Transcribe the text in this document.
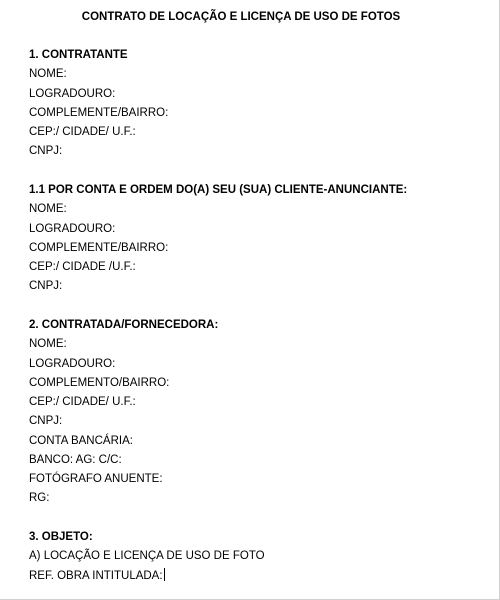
CONTRATO DE LOCAÇÃO E LICENÇA DE USO DE FOTOS
1. CONTRATANTE
NOME:
LOGRADOURO:
COMPLEMENTE/BAIRRO:
CEP:/ CIDADE/ U.F.:
CNPJ:
1.1 POR CONTA E ORDEM DO(A) SEU (SUA) CLIENTE-ANUNCIANTE:
NOME:
LOGRADOURO:
COMPLEMENTE/BAIRRO:
CEP:/ CIDADE /U.F.:
CNPJ:
2. CONTRATADA/FORNECEDORA:
NOME:
LOGRADOURO:
COMPLEMENTO/BAIRRO:
CEP:/ CIDADE/ U.F.:
CNPJ:
CONTA BANCÁRIA:
BANCO: AG: C/C:
FOTÓGRAFO ANUENTE:
RG:
3. OBJETO:
A) LOCAÇÃO E LICENÇA DE USO DE FOTO
REF. OBRA INTITULADA:
